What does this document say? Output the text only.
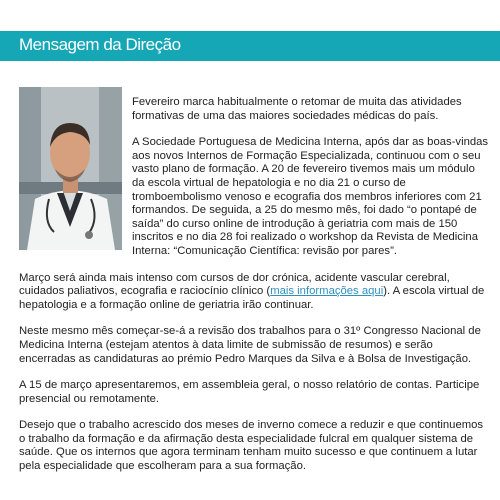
Mensagem da Direção

Fevereiro marca habitualmente o retomar de muita das atividades formativas de uma das maiores sociedades médicas do país.

A Sociedade Portuguesa de Medicina Interna, após dar as boas-vindas aos novos Internos de Formação Especializada, continuou com o seu vasto plano de formação. A 20 de fevereiro tivemos mais um módulo da escola virtual de hepatologia e no dia 21 o curso de tromboembolismo venoso e ecografia dos membros inferiores com 21 formandos. De seguida, a 25 do mesmo mês, foi dado “o pontapé de saída” do curso online de introdução à geriatria com mais de 150 inscritos e no dia 28 foi realizado o workshop da Revista de Medicina Interna: “Comunicação Científica: revisão por pares”.

Março será ainda mais intenso com cursos de dor crónica, acidente vascular cerebral, cuidados paliativos, ecografia e raciocínio clínico (mais informações aqui). A escola virtual de hepatologia e a formação online de geriatria irão continuar.

Neste mesmo mês começar-se-á a revisão dos trabalhos para o 31º Congresso Nacional de Medicina Interna (estejam atentos à data limite de submissão de resumos) e serão encerradas as candidaturas ao prémio Pedro Marques da Silva e à Bolsa de Investigação.

A 15 de março apresentaremos, em assembleia geral, o nosso relatório de contas. Participe presencial ou remotamente.

Desejo que o trabalho acrescido dos meses de inverno comece a reduzir e que continuemos o trabalho da formação e da afirmação desta especialidade fulcral em qualquer sistema de saúde. Que os internos que agora terminam tenham muito sucesso e que continuem a lutar pela especialidade que escolheram para a sua formação.
